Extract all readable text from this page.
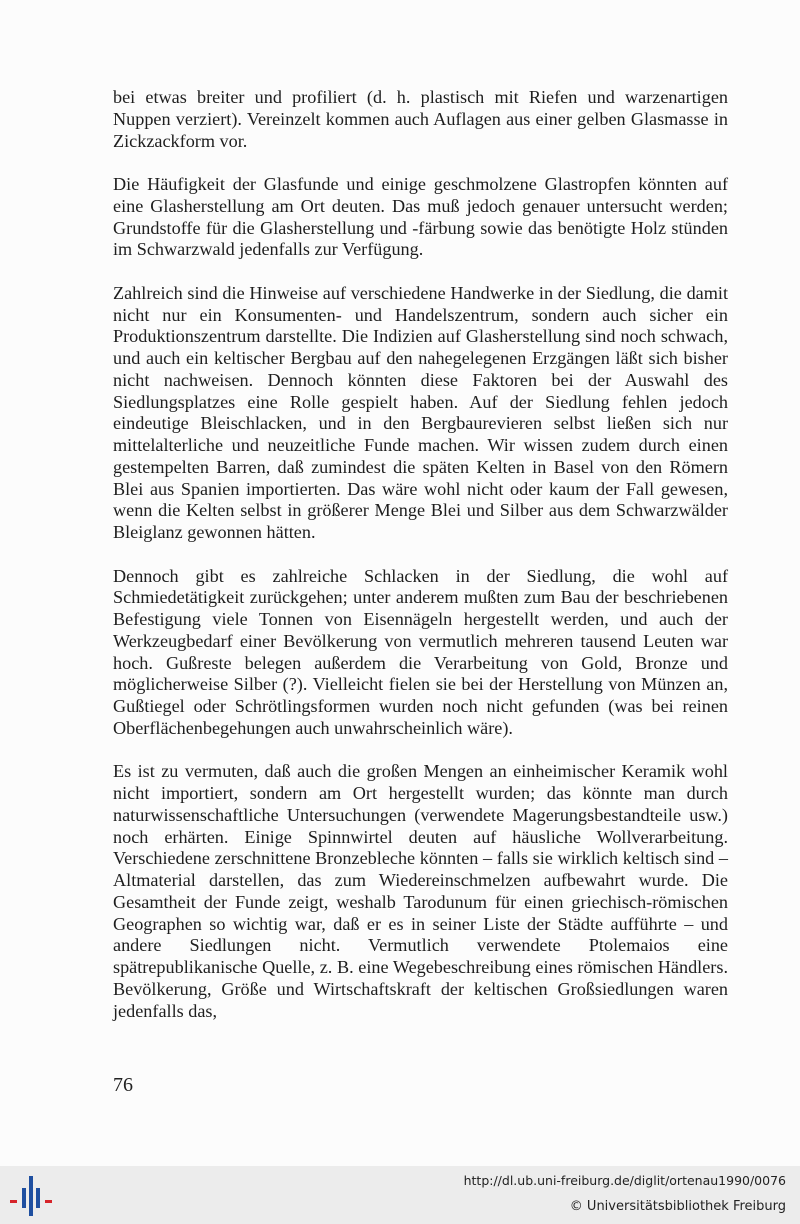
bei etwas breiter und profiliert (d. h. plastisch mit Riefen und warzenartigen Nuppen verziert). Vereinzelt kommen auch Auflagen aus einer gelben Glasmasse in Zickzackform vor.

Die Häufigkeit der Glasfunde und einige geschmolzene Glastropfen könnten auf eine Glasherstellung am Ort deuten. Das muß jedoch genauer untersucht werden; Grundstoffe für die Glasherstellung und -färbung sowie das benötigte Holz stünden im Schwarzwald jedenfalls zur Verfügung.

Zahlreich sind die Hinweise auf verschiedene Handwerke in der Siedlung, die damit nicht nur ein Konsumenten- und Handelszentrum, sondern auch sicher ein Produktionszentrum darstellte. Die Indizien auf Glasherstellung sind noch schwach, und auch ein keltischer Bergbau auf den nahegelegenen Erzgängen läßt sich bisher nicht nachweisen. Dennoch könnten diese Faktoren bei der Auswahl des Siedlungsplatzes eine Rolle gespielt haben. Auf der Siedlung fehlen jedoch eindeutige Bleischlacken, und in den Bergbaurevieren selbst ließen sich nur mittelalterliche und neuzeitliche Funde machen. Wir wissen zudem durch einen gestempelten Barren, daß zumindest die späten Kelten in Basel von den Römern Blei aus Spanien importierten. Das wäre wohl nicht oder kaum der Fall gewesen, wenn die Kelten selbst in größerer Menge Blei und Silber aus dem Schwarzwälder Bleiglanz gewonnen hätten.

Dennoch gibt es zahlreiche Schlacken in der Siedlung, die wohl auf Schmiedetätigkeit zurückgehen; unter anderem mußten zum Bau der beschriebenen Befestigung viele Tonnen von Eisennägeln hergestellt werden, und auch der Werkzeugbedarf einer Bevölkerung von vermutlich mehreren tausend Leuten war hoch. Gußreste belegen außerdem die Verarbeitung von Gold, Bronze und möglicherweise Silber (?). Vielleicht fielen sie bei der Herstellung von Münzen an, Gußtiegel oder Schrötlingsformen wurden noch nicht gefunden (was bei reinen Oberflächenbegehungen auch unwahrscheinlich wäre).

Es ist zu vermuten, daß auch die großen Mengen an einheimischer Keramik wohl nicht importiert, sondern am Ort hergestellt wurden; das könnte man durch naturwissenschaftliche Untersuchungen (verwendete Magerungsbestandteile usw.) noch erhärten. Einige Spinnwirtel deuten auf häusliche Wollverarbeitung. Verschiedene zerschnittene Bronzebleche könnten – falls sie wirklich keltisch sind – Altmaterial darstellen, das zum Wiedereinschmelzen aufbewahrt wurde. Die Gesamtheit der Funde zeigt, weshalb Tarodunum für einen griechisch-römischen Geographen so wichtig war, daß er es in seiner Liste der Städte aufführte – und andere Siedlungen nicht. Vermutlich verwendete Ptolemaios eine spätrepublikanische Quelle, z. B. eine Wegebeschreibung eines römischen Händlers. Bevölkerung, Größe und Wirtschaftskraft der keltischen Großsiedlungen waren jedenfalls das,

76
http://dl.ub.uni-freiburg.de/diglit/ortenau1990/0076
© Universitätsbibliothek Freiburg
